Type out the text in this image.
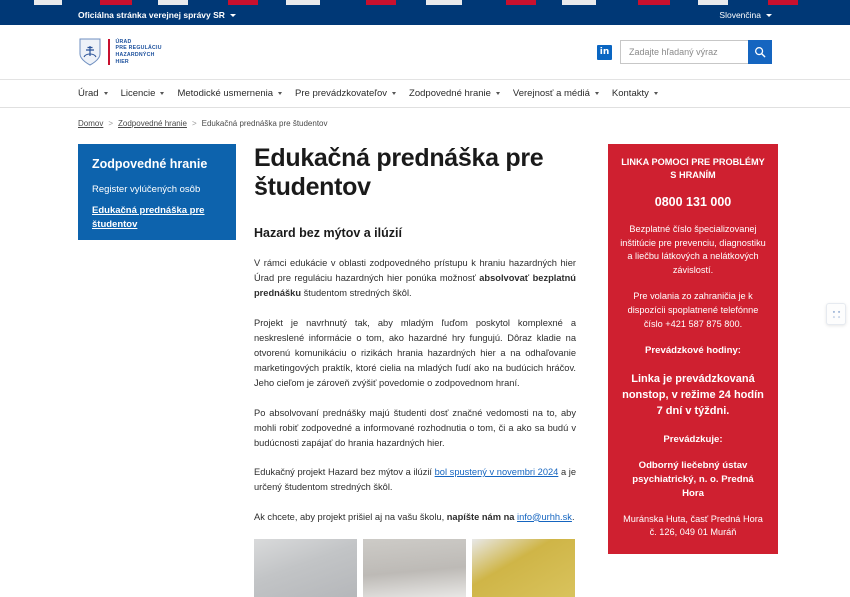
Oficiálna stránka verejnej správy SR	Slovenčina
ÚRAD
PRE REGULÁCIU
HAZARDNÝCH
HIER
in
Zadajte hľadaný výraz
Úrad Licencie Metodické usmernenia Pre prevádzkovateľov Zodpovedné hranie Verejnosť a médiá Kontakty
Domov > Zodpovedné hranie > Edukačná prednáška pre študentov
Zodpovedné hranie
Register vylúčených osôb
Edukačná prednáška pre študentov
Edukačná prednáška pre študentov
Hazard bez mýtov a ilúzií

V rámci edukácie v oblasti zodpovedného prístupu k hraniu hazardných hier Úrad pre reguláciu hazardných hier ponúka možnosť absolvovať bezplatnú prednášku študentom stredných škôl.

Projekt je navrhnutý tak, aby mladým ľuďom poskytol komplexné a neskreslené informácie o tom, ako hazardné hry fungujú. Dôraz kladie na otvorenú komunikáciu o rizikách hrania hazardných hier a na odhaľovanie marketingových praktík, ktoré cielia na mladých ľudí ako na budúcich hráčov. Jeho cieľom je zároveň zvýšiť povedomie o zodpovednom hraní.

Po absolvovaní prednášky majú študenti dosť značné vedomosti na to, aby mohli robiť zodpovedné a informované rozhodnutia o tom, či a ako sa budú v budúcnosti zapájať do hrania hazardných hier.

Edukačný projekt Hazard bez mýtov a ilúzií bol spustený v novembri 2024 a je určený študentom stredných škôl.

Ak chcete, aby projekt prišiel aj na vašu školu, napíšte nám na info@urhh.sk.

LINKA POMOCI PRE PROBLÉMY S HRANÍM
0800 131 000
Bezplatné číslo špecializovanej inštitúcie pre prevenciu, diagnostiku a liečbu látkových a nelátkových závislostí.
Pre volania zo zahraničia je k dispozícii spoplatnené telefónne číslo +421 587 875 800.
Prevádzkové hodiny:
Linka je prevádzkovaná nonstop, v režime 24 hodín 7 dní v týždni.
Prevádzkuje:
Odborný liečebný ústav psychiatrický, n. o. Predná Hora
Muránska Huta, časť Predná Hora č. 126, 049 01 Muráň
